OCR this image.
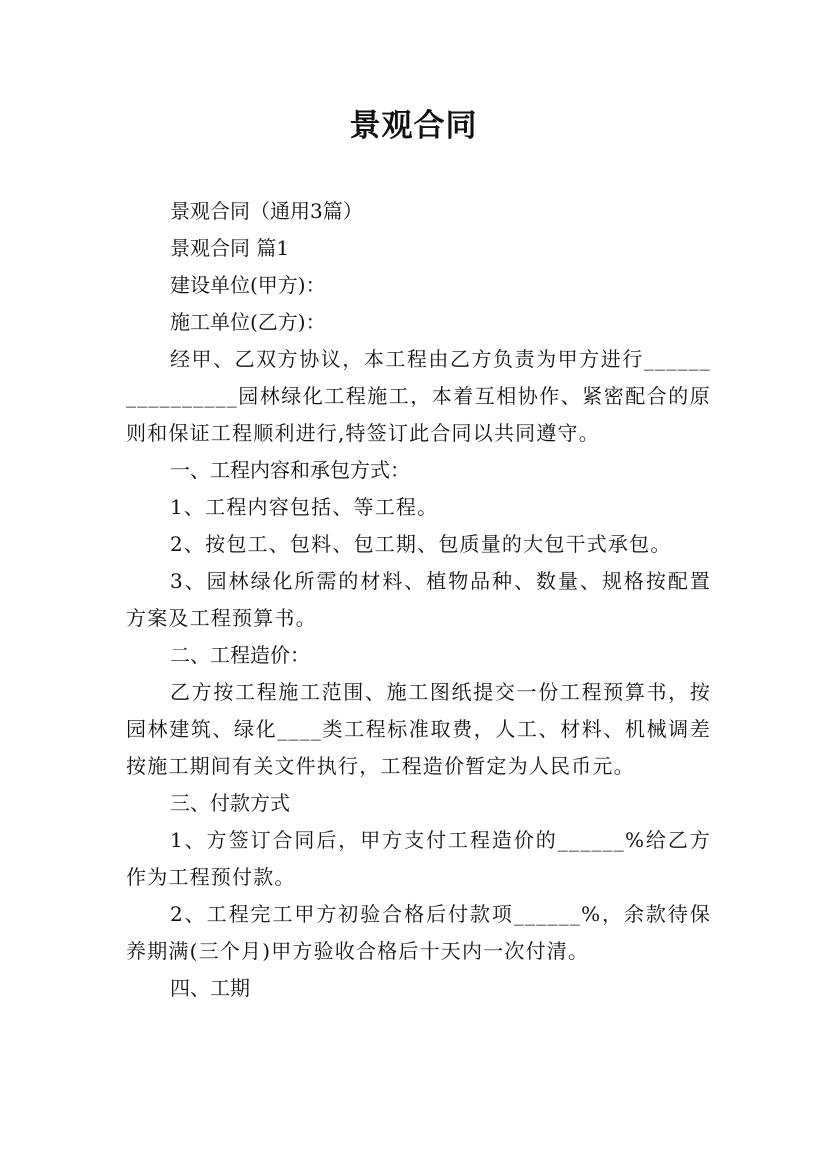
景观合同

景观合同（通用3篇）

景观合同 篇1

建设单位(甲方)：

施工单位(乙方)：

经甲、乙双方协议，本工程由乙方负责为甲方进行________________园林绿化工程施工，本着互相协作、紧密配合的原则和保证工程顺利进行,特签订此合同以共同遵守。

一、工程内容和承包方式：

1、工程内容包括、等工程。

2、按包工、包料、包工期、包质量的大包干式承包。

3、园林绿化所需的材料、植物品种、数量、规格按配置方案及工程预算书。

二、工程造价：

乙方按工程施工范围、施工图纸提交一份工程预算书，按园林建筑、绿化____类工程标准取费，人工、材料、机械调差按施工期间有关文件执行，工程造价暂定为人民币元。

三、付款方式

1、方签订合同后，甲方支付工程造价的______%给乙方作为工程预付款。

2、工程完工甲方初验合格后付款项______%，余款待保养期满(三个月)甲方验收合格后十天内一次付清。

四、工期
